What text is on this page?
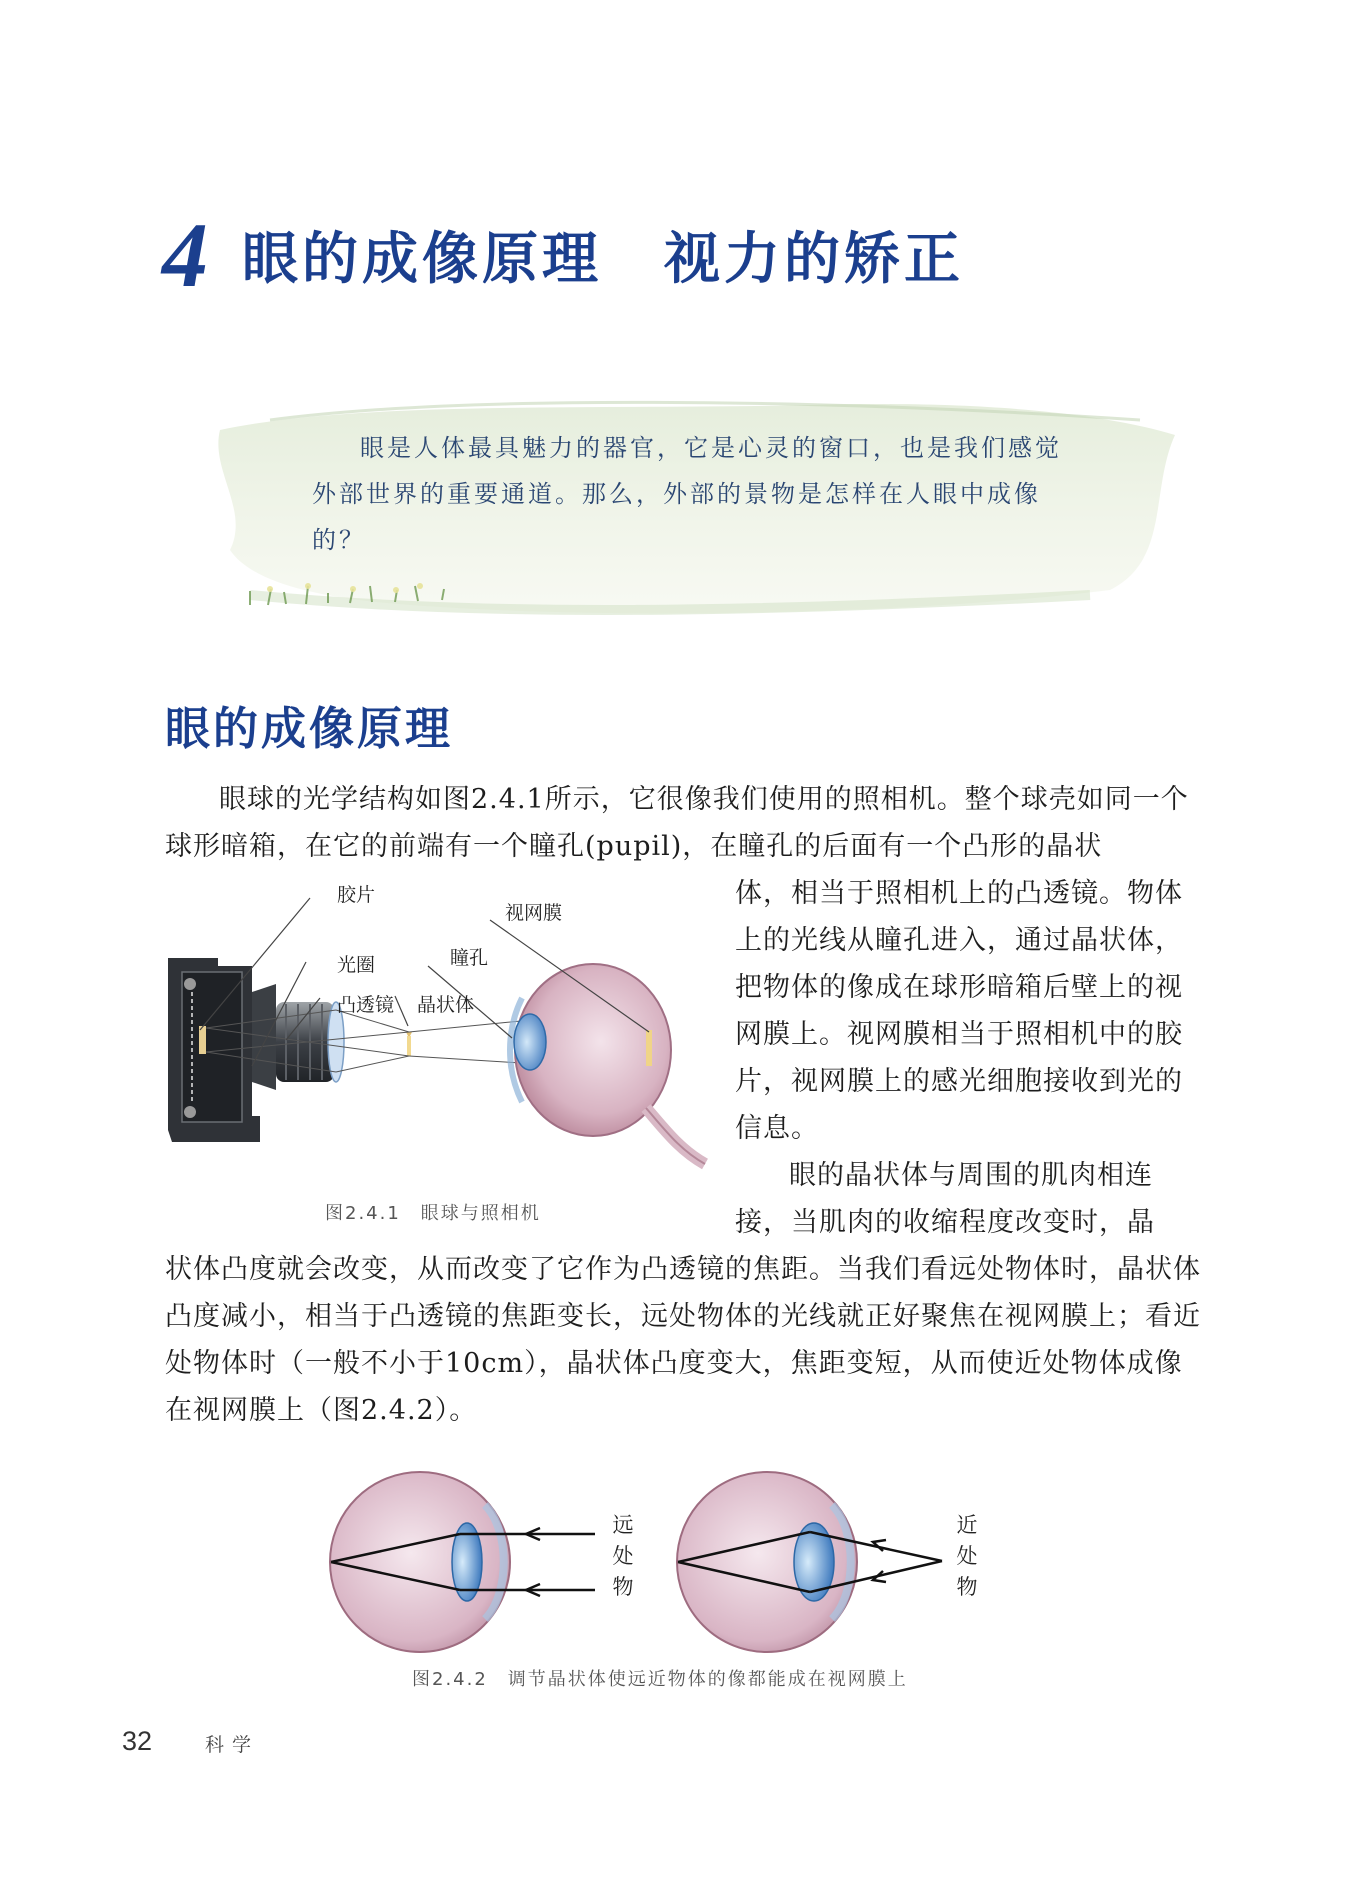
4 眼的成像原理 视力的矫正
眼是人体最具魅力的器官，它是心灵的窗口，也是我们感觉外部世界的重要通道。那么，外部的景物是怎样在人眼中成像的？
眼的成像原理
眼球的光学结构如图2.4.1所示，它很像我们使用的照相机。整个球壳如同一个球形暗箱，在它的前端有一个瞳孔(pupil)，在瞳孔的后面有一个凸形的晶状
体，相当于照相机上的凸透镜。物体上的光线从瞳孔进入，通过晶状体，把物体的像成在球形暗箱后壁上的视网膜上。视网膜相当于照相机中的胶片，视网膜上的感光细胞接收到光的信息。
眼的晶状体与周围的肌肉相连接，当肌肉的收缩程度改变时，晶
状体凸度就会改变，从而改变了它作为凸透镜的焦距。当我们看远处物体时，晶状体凸度减小，相当于凸透镜的焦距变长，远处物体的光线就正好聚焦在视网膜上；看近处物体时（一般不小于10cm），晶状体凸度变大，焦距变短，从而使近处物体成像在视网膜上（图2.4.2）。
胶片
光圈
凸透镜 晶状体
瞳孔
视网膜
图2.4.1　眼球与照相机
远处物
近处物
图2.4.2　调节晶状体使远近物体的像都能成在视网膜上
32	科学
